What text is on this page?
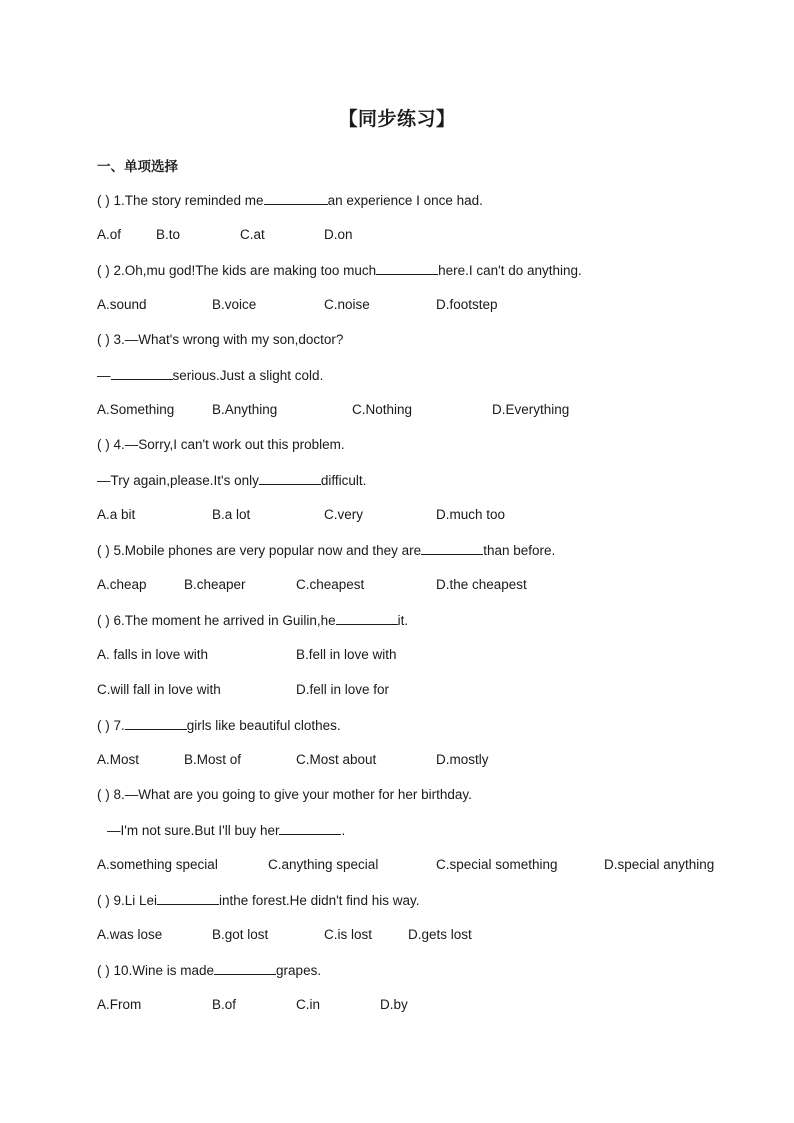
【同步练习】
一、单项选择
( ) 1.The story reminded me	an experience I once had.
A.of	B.to	C.at	D.on
( ) 2.Oh,mu god!The kids are making too much	here.I can't do anything.
A.sound	B.voice	C.noise	D.footstep
( ) 3.—What's wrong with my son,doctor?
—	serious.Just a slight cold.
A.Something	B.Anything	C.Nothing	D.Everything
( ) 4.—Sorry,I can't work out this problem.
—Try again,please.It's only	difficult.
A.a bit	B.a lot	C.very	D.much too
( ) 5.Mobile phones are very popular now and they are	than before.
A.cheap	B.cheaper	C.cheapest	D.the cheapest
( ) 6.The moment he arrived in Guilin,he	it.
A. falls in love with	B.fell in love with
C.will fall in love with	D.fell in love for
( ) 7.	girls like beautiful clothes.
A.Most	B.Most of	C.Most about	D.mostly
( ) 8.—What are you going to give your mother for her birthday.
—I'm not sure.But I'll buy her	.
A.something special	C.anything special	C.special something	D.special anything
( ) 9.Li Lei	inthe forest.He didn't find his way.
A.was lose	B.got lost	C.is lost	D.gets lost
( ) 10.Wine is made	grapes.
A.From	B.of	C.in	D.by
